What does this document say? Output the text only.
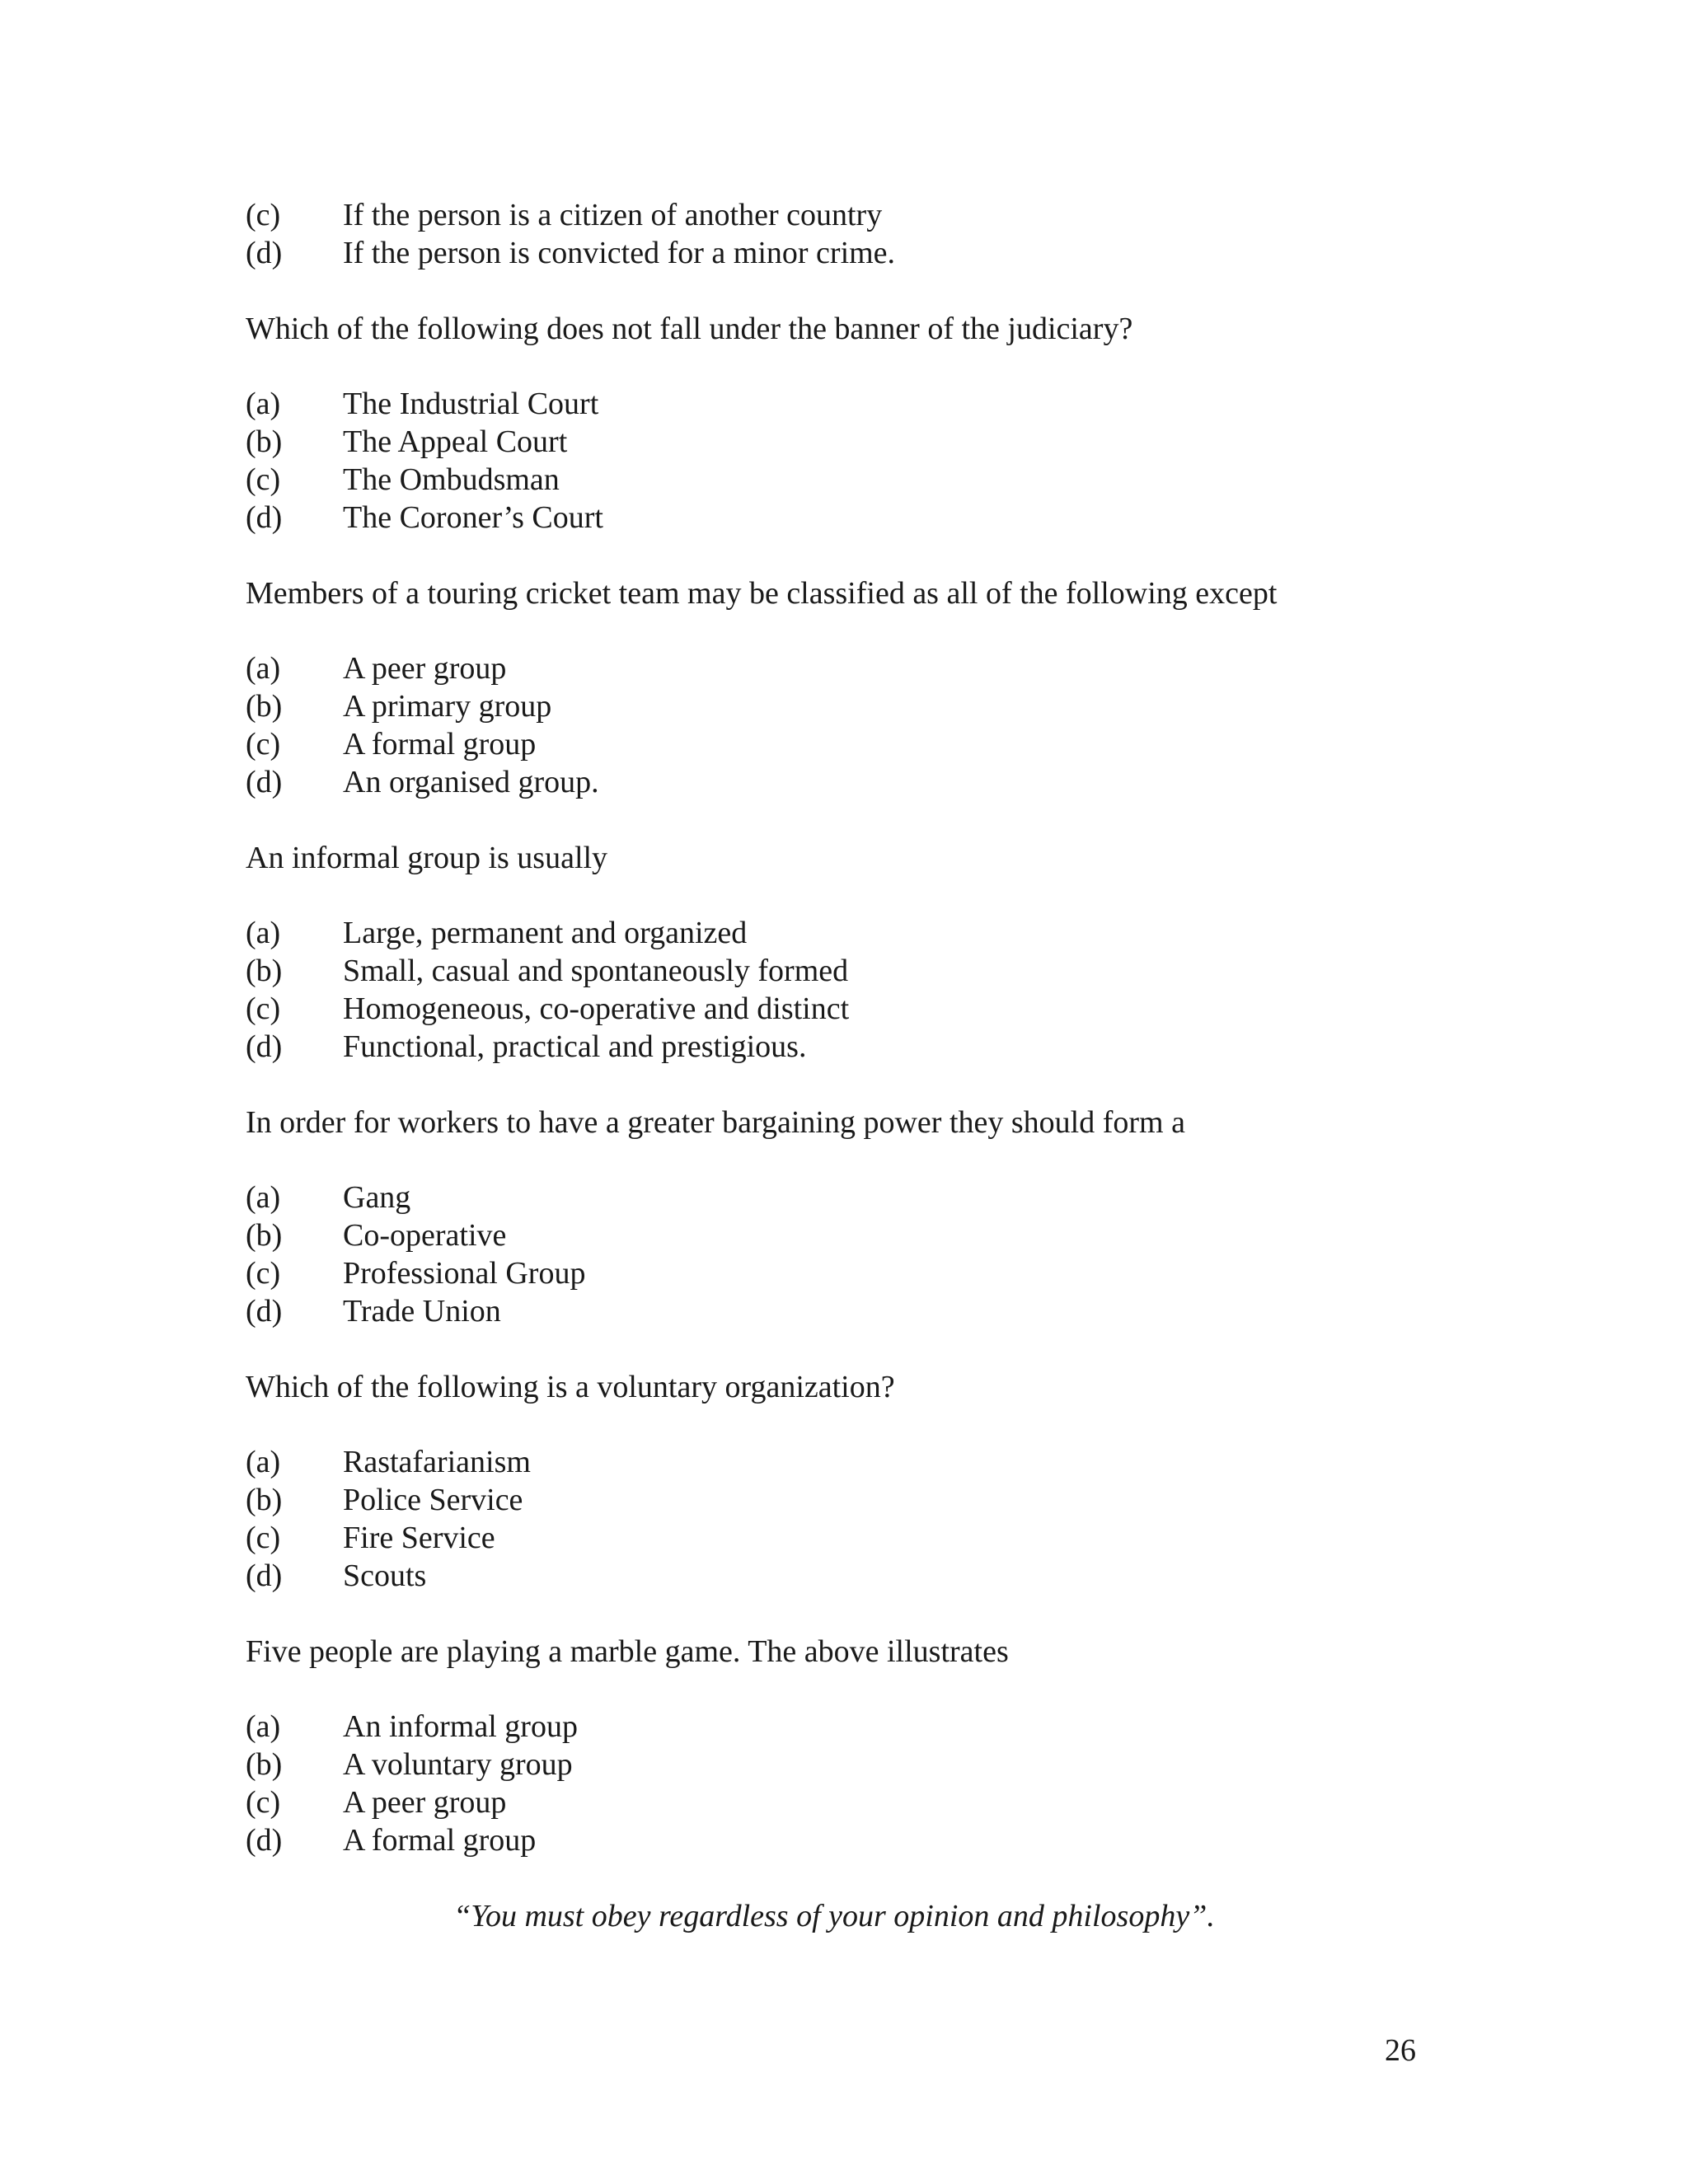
(c) If the person is a citizen of another country
(d) If the person is convicted for a minor crime.
Which of the following does not fall under the banner of the judiciary?
(a) The Industrial Court
(b) The Appeal Court
(c) The Ombudsman
(d) The Coroner’s Court
Members of a touring cricket team may be classified as all of the following except
(a) A peer group
(b) A primary group
(c) A formal group
(d) An organised group.
An informal group is usually
(a) Large, permanent and organized
(b) Small, casual and spontaneously formed
(c) Homogeneous, co-operative and distinct
(d) Functional, practical and prestigious.
In order for workers to have a greater bargaining power they should form a
(a) Gang
(b) Co-operative
(c) Professional Group
(d) Trade Union
Which of the following is a voluntary organization?
(a) Rastafarianism
(b) Police Service
(c) Fire Service
(d) Scouts
Five people are playing a marble game. The above illustrates
(a) An informal group
(b) A voluntary group
(c) A peer group
(d) A formal group
“You must obey regardless of your opinion and philosophy”.
26
